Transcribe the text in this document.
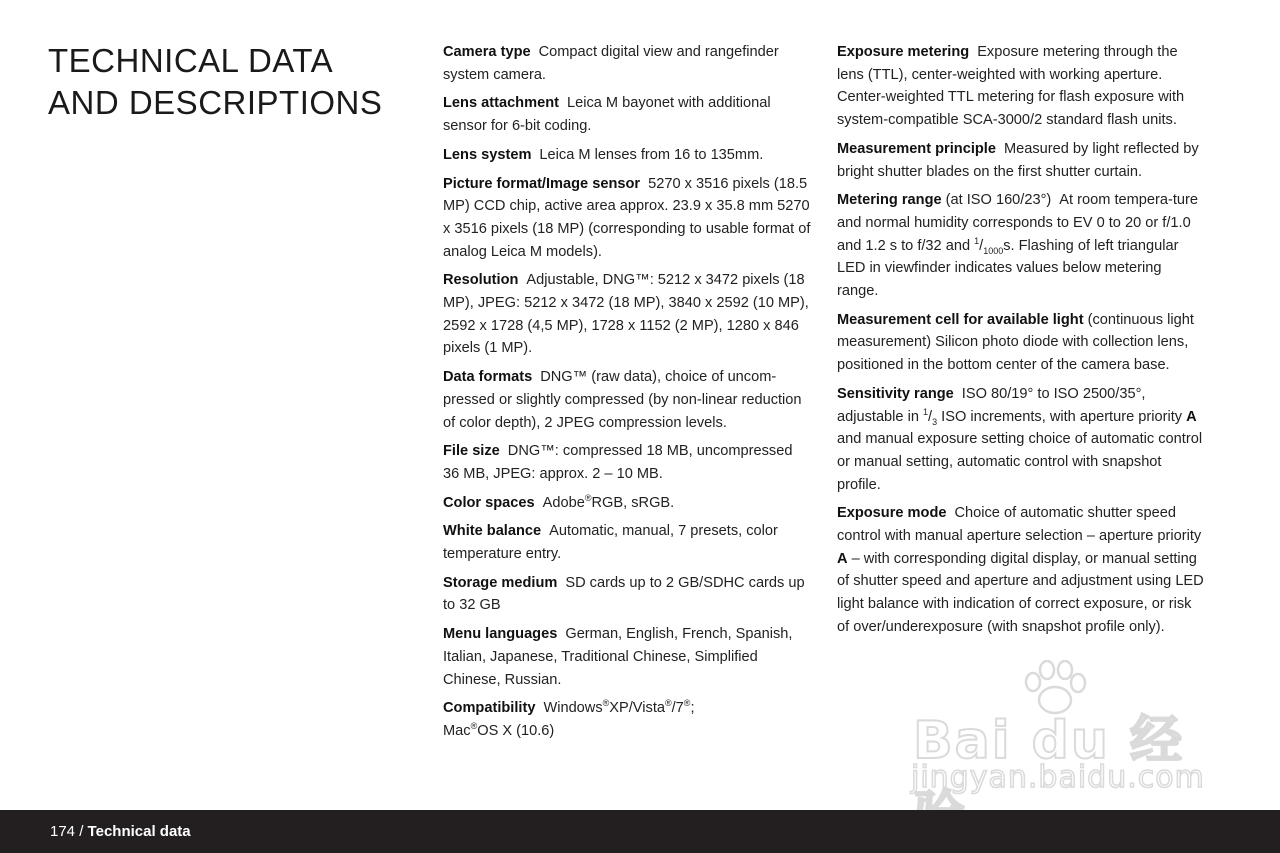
TECHNICAL DATA
AND DESCRIPTIONS

Camera type Compact digital view and rangefinder system camera.

Lens attachment Leica M bayonet with additional sensor for 6-bit coding.

Lens system Leica M lenses from 16 to 135mm.

Picture format/Image sensor 5270 x 3516 pixels (18.5 MP) CCD chip, active area approx. 23.9 x 35.8 mm 5270 x 3516 pixels (18 MP) (corresponding to usable format of analog Leica M models).

Resolution Adjustable, DNG™: 5212 x 3472 pixels (18 MP), JPEG: 5212 x 3472 (18 MP), 3840 x 2592 (10 MP), 2592 x 1728 (4,5 MP), 1728 x 1152 (2 MP), 1280 x 846 pixels (1 MP).

Data formats DNG™ (raw data), choice of uncom-pressed or slightly compressed (by non-linear reduction of color depth), 2 JPEG compression levels.

File size DNG™: compressed 18 MB, uncompressed 36 MB, JPEG: approx. 2 – 10 MB.

Color spaces Adobe®RGB, sRGB.

White balance Automatic, manual, 7 presets, color temperature entry.

Storage medium SD cards up to 2 GB/SDHC cards up to 32 GB

Menu languages German, English, French, Spanish, Italian, Japanese, Traditional Chinese, Simplified Chinese, Russian.

Compatibility Windows®XP/Vista®/7®;
Mac®OS X (10.6)

Exposure metering Exposure metering through the lens (TTL), center-weighted with working aperture. Center-weighted TTL metering for flash exposure with system-compatible SCA-3000/2 standard flash units.

Measurement principle Measured by light reflected by bright shutter blades on the first shutter curtain.

Metering range (at ISO 160/23°) At room tempera-ture and normal humidity corresponds to EV 0 to 20 or f/1.0 and 1.2 s to f/32 and $^1/_{1000}s$. Flashing of left triangular LED in viewfinder indicates values below metering range.

Measurement cell for available light (continuous light measurement) Silicon photo diode with collection lens, positioned in the bottom center of the camera base.

Sensitivity range ISO 80/19° to ISO 2500/35°, adjustable in $^1/_3$ ISO increments, with aperture priority A and manual exposure setting choice of automatic control or manual setting, automatic control with snapshot profile.

Exposure mode Choice of automatic shutter speed control with manual aperture selection – aperture priority A – with corresponding digital display, or manual setting of shutter speed and aperture and adjustment using LED light balance with indication of correct exposure, or risk of over/underexposure (with snapshot profile only).

Bai du 经
jingyan.baidu.com
174 / Technical data
